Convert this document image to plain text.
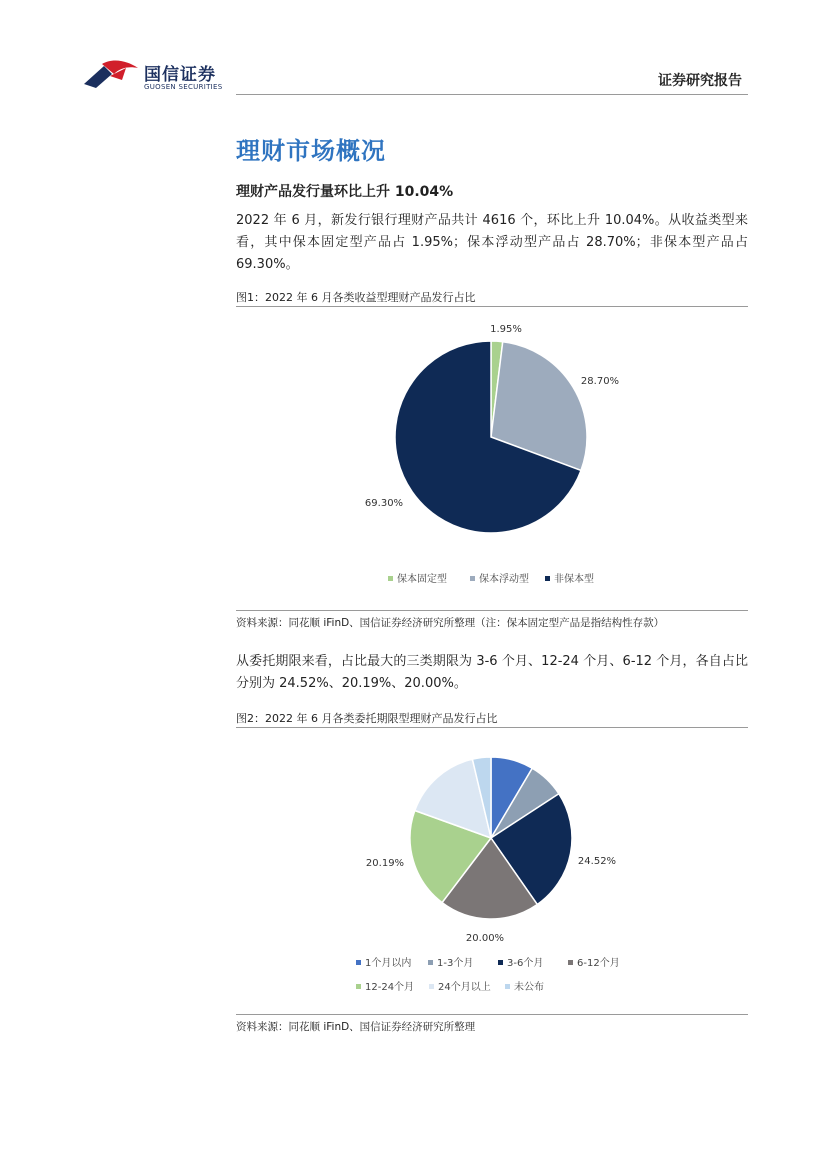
国信证券
GUOSEN SECURITIES	证券研究报告
理财市场概况
理财产品发行量环比上升 10.04%
2022 年 6 月，新发行银行理财产品共计 4616 个，环比上升 10.04%。从收益类型来看，其中保本固定型产品占 1.95%；保本浮动型产品占 28.70%；非保本型产品占 69.30%。
图1：2022 年 6 月各类收益型理财产品发行占比
1.95%
28.70%
69.30%
保本固定型	保本浮动型	非保本型
资料来源：同花顺 iFinD、国信证券经济研究所整理（注：保本固定型产品是指结构性存款）
从委托期限来看，占比最大的三类期限为 3-6 个月、12-24 个月、6-12 个月，各自占比分别为 24.52%、20.19%、20.00%。
图2：2022 年 6 月各类委托期限型理财产品发行占比
24.52%
20.19%
1个月以内	1-3个月	3-6个月	6-12个月
12-24个月 24个月以上 未公布
20.00%
资料来源：同花顺 iFinD、国信证券经济研究所整理
